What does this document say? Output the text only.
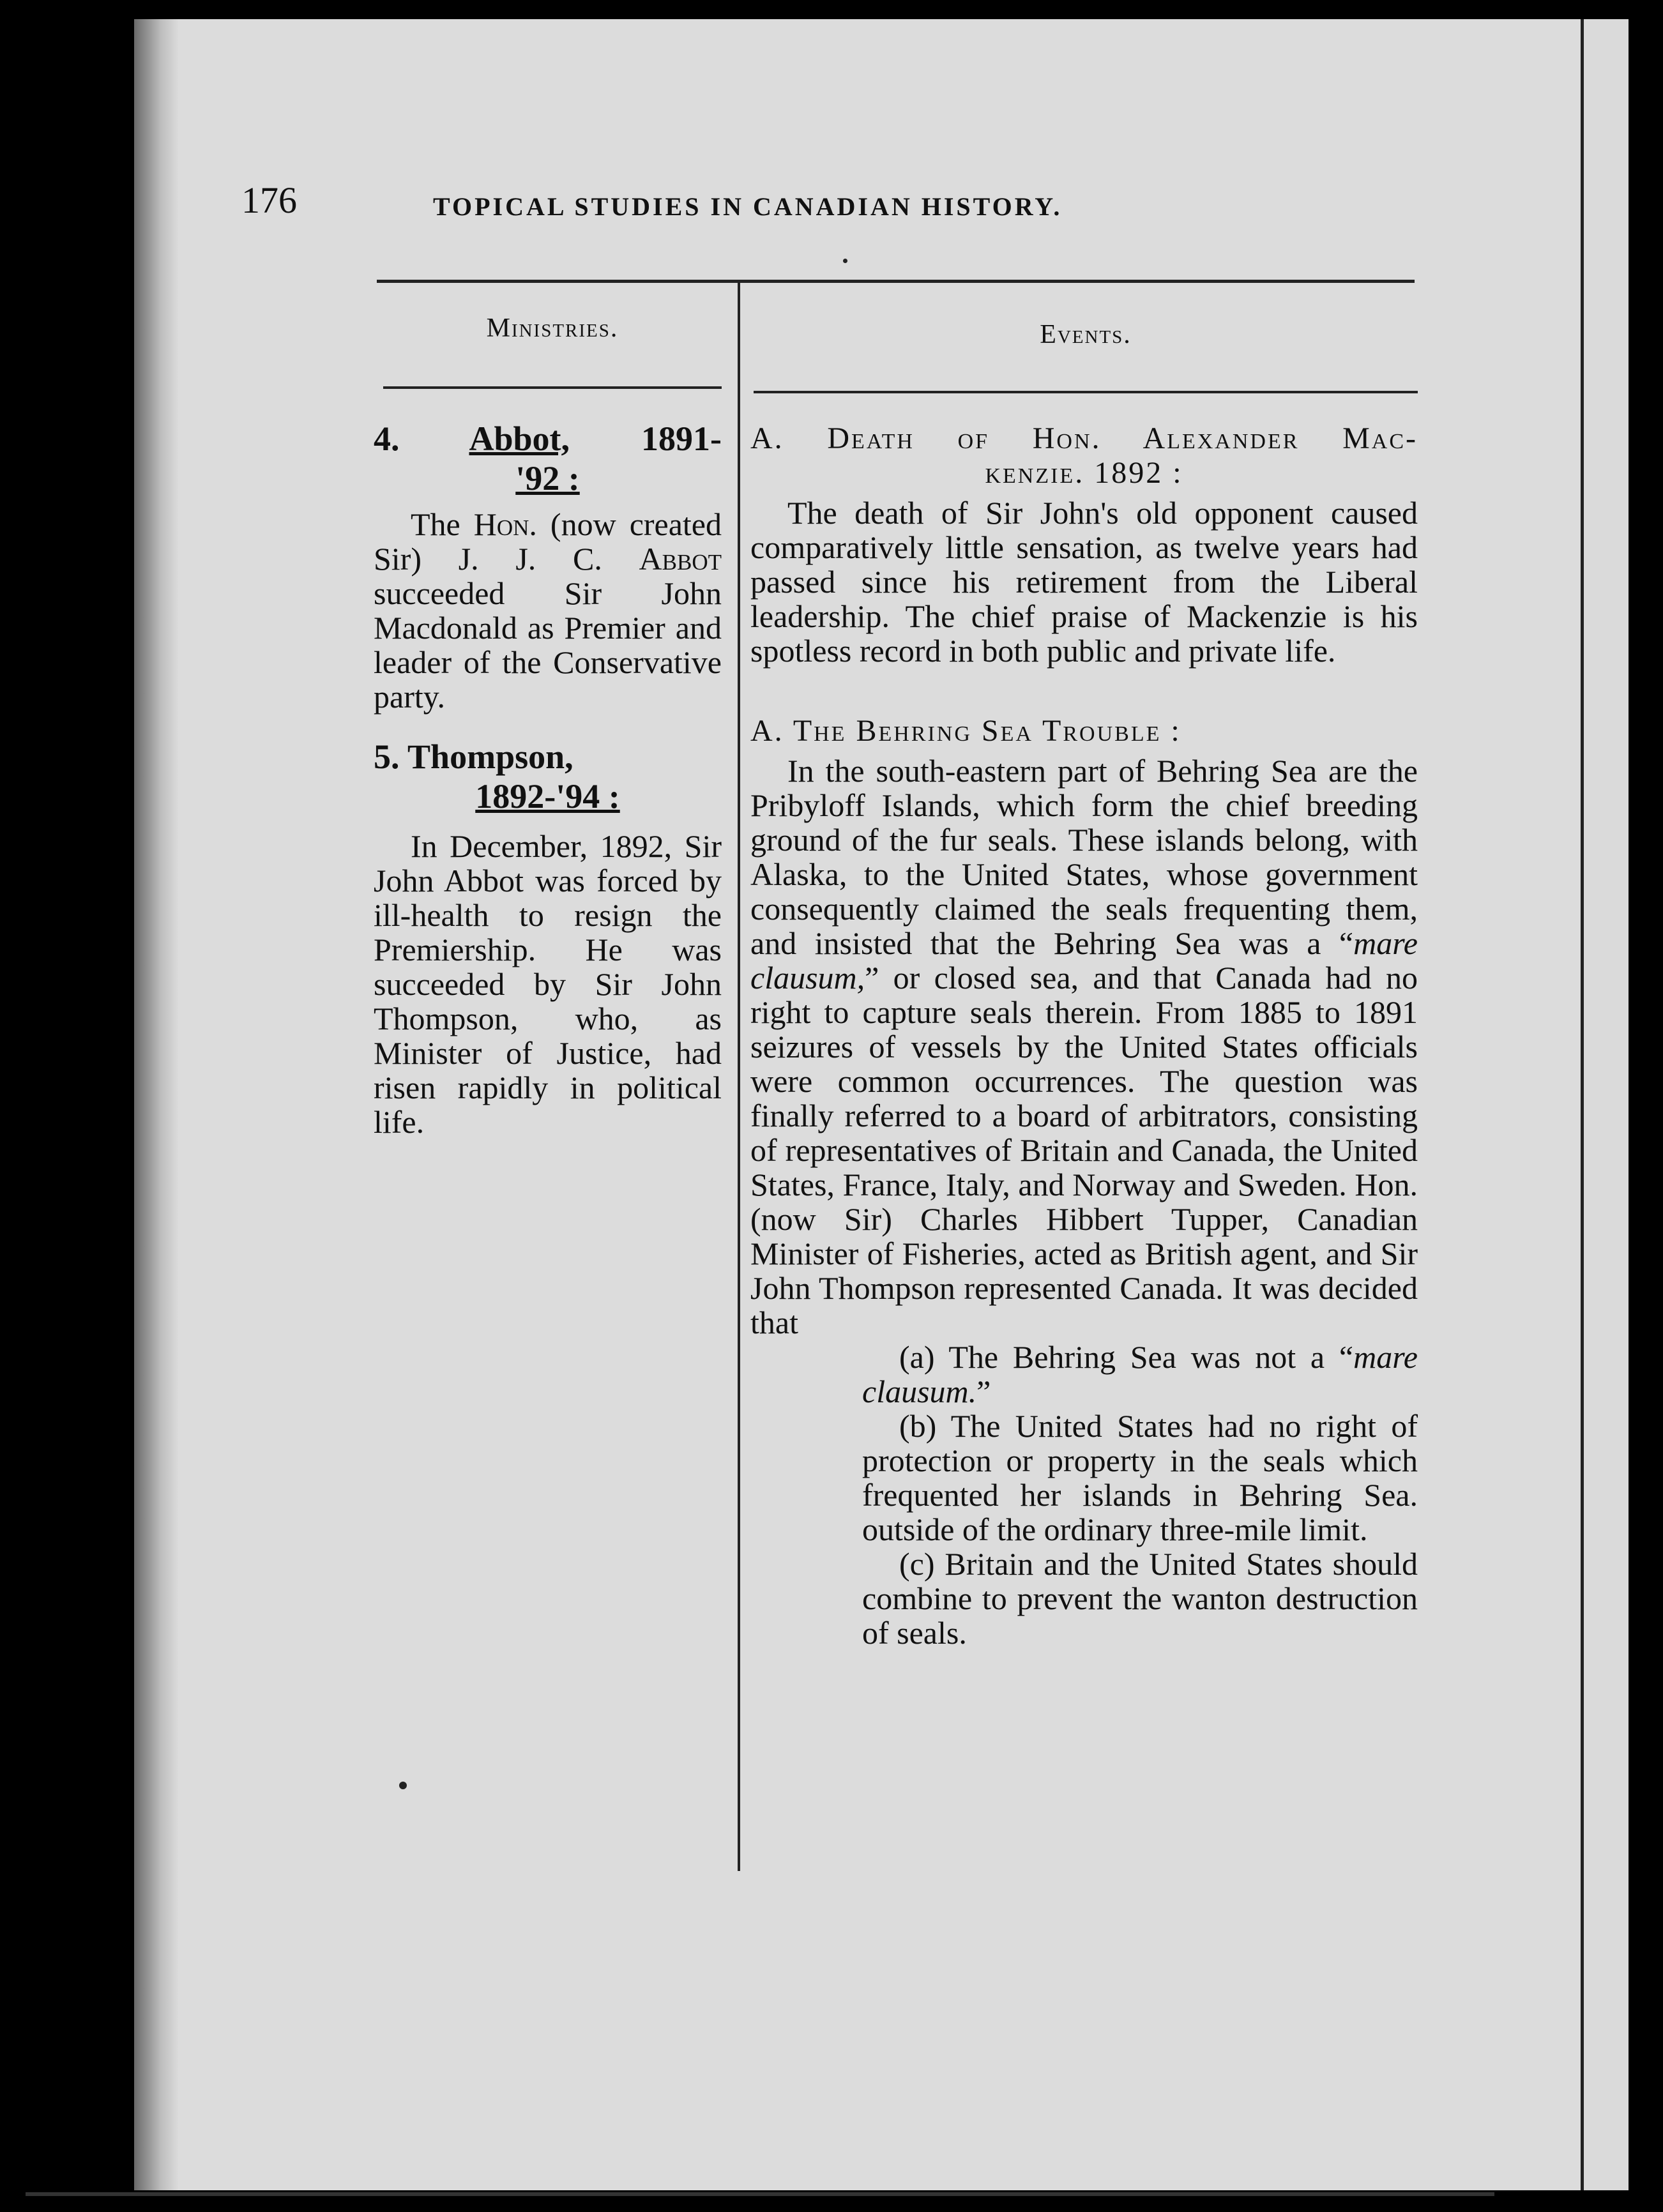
176	TOPICAL STUDIES IN CANADIAN HISTORY.
Ministries.	Events.
4. Abbot, 1891-
'92 :

The Hon. (now created Sir) J. J. C. Abbot succeeded Sir John Macdonald as Premier and leader of the Conservative party.

5. Thompson,
1892-'94 :

In December, 1892, Sir John Abbot was forced by ill-health to resign the Premiership. He was succeeded by Sir John Thompson, who, as Minister of Justice, had risen rapidly in political life.

A. Death of Hon. Alexander Mac-
kenzie. 1892 :

The death of Sir John's old opponent caused comparatively little sensation, as twelve years had passed since his retirement from the Liberal leadership. The chief praise of Mackenzie is his spotless record in both public and private life.

A. The Behring Sea Trouble :

In the south-eastern part of Behring Sea are the Pribyloff Islands, which form the chief breeding ground of the fur seals. These islands belong, with Alaska, to the United States, whose government consequently claimed the seals frequenting them, and insisted that the Behring Sea was a “mare clausum,” or closed sea, and that Canada had no right to capture seals therein. From 1885 to 1891 seizures of vessels by the United States officials were common occurrences. The question was finally referred to a board of arbitrators, consisting of representatives of Britain and Canada, the United States, France, Italy, and Norway and Sweden. Hon. (now Sir) Charles Hibbert Tupper, Canadian Minister of Fisheries, acted as British agent, and Sir John Thompson represented Canada. It was decided that

(a) The Behring Sea was not a “mare clausum.”

(b) The United States had no right of protection or property in the seals which frequented her islands in Behring Sea. outside of the ordinary three-mile limit.

(c) Britain and the United States should combine to prevent the wanton destruction of seals.
